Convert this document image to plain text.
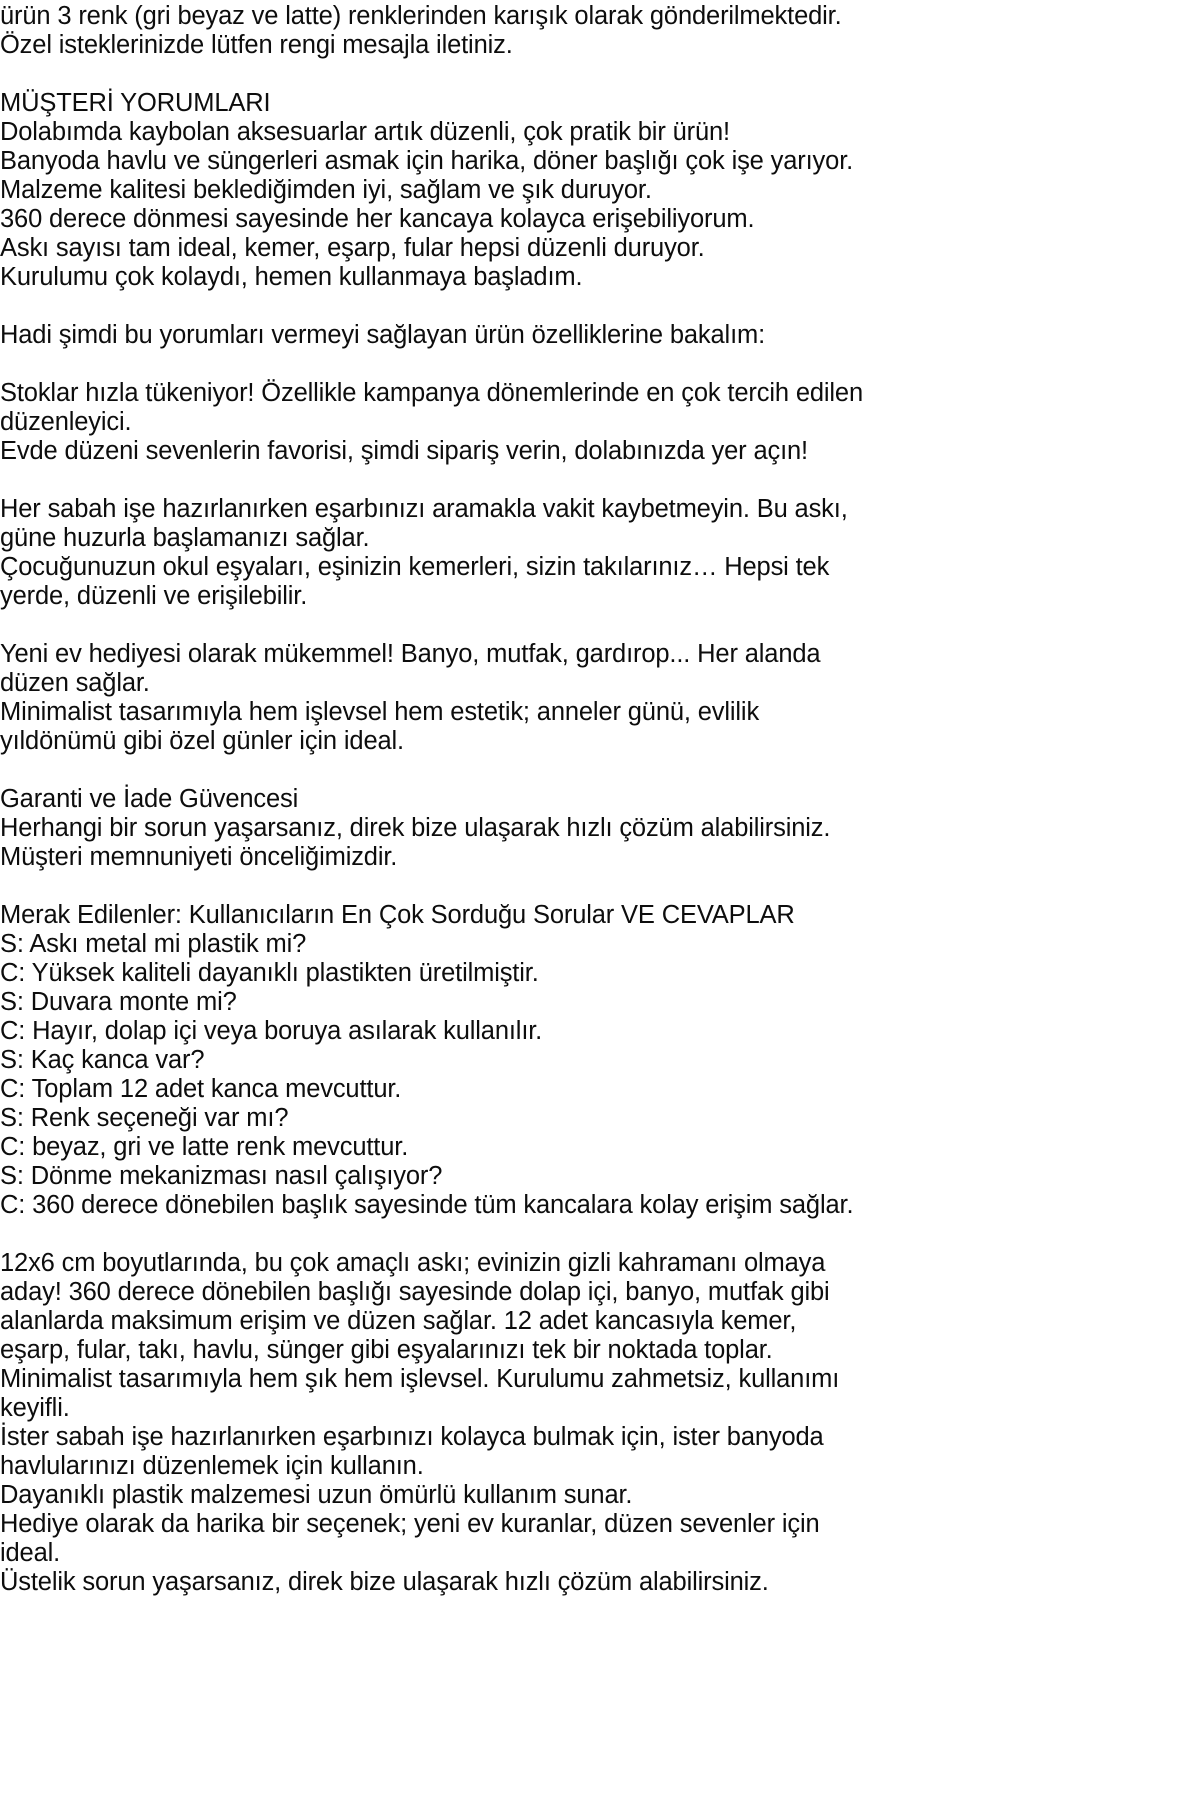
ürün 3 renk (gri beyaz ve latte) renklerinden karışık olarak gönderilmektedir.
Özel isteklerinizde lütfen rengi mesajla iletiniz.
MÜŞTERİ YORUMLARI
Dolabımda kaybolan aksesuarlar artık düzenli, çok pratik bir ürün!
Banyoda havlu ve süngerleri asmak için harika, döner başlığı çok işe yarıyor.
Malzeme kalitesi beklediğimden iyi, sağlam ve şık duruyor.
360 derece dönmesi sayesinde her kancaya kolayca erişebiliyorum.
Askı sayısı tam ideal, kemer, eşarp, fular hepsi düzenli duruyor.
Kurulumu çok kolaydı, hemen kullanmaya başladım.
Hadi şimdi bu yorumları vermeyi sağlayan ürün özelliklerine bakalım:
Stoklar hızla tükeniyor! Özellikle kampanya dönemlerinde en çok tercih edilen
düzenleyici.
Evde düzeni sevenlerin favorisi, şimdi sipariş verin, dolabınızda yer açın!
Her sabah işe hazırlanırken eşarbınızı aramakla vakit kaybetmeyin. Bu askı,
güne huzurla başlamanızı sağlar.
Çocuğunuzun okul eşyaları, eşinizin kemerleri, sizin takılarınız… Hepsi tek
yerde, düzenli ve erişilebilir.
Yeni ev hediyesi olarak mükemmel! Banyo, mutfak, gardırop... Her alanda
düzen sağlar.
Minimalist tasarımıyla hem işlevsel hem estetik; anneler günü, evlilik
yıldönümü gibi özel günler için ideal.
Garanti ve İade Güvencesi
Herhangi bir sorun yaşarsanız, direk bize ulaşarak hızlı çözüm alabilirsiniz.
Müşteri memnuniyeti önceliğimizdir.
Merak Edilenler: Kullanıcıların En Çok Sorduğu Sorular VE CEVAPLAR
S: Askı metal mi plastik mi?
C: Yüksek kaliteli dayanıklı plastikten üretilmiştir.
S: Duvara monte mi?
C: Hayır, dolap içi veya boruya asılarak kullanılır.
S: Kaç kanca var?
C: Toplam 12 adet kanca mevcuttur.
S: Renk seçeneği var mı?
C: beyaz, gri ve latte renk mevcuttur.
S: Dönme mekanizması nasıl çalışıyor?
C: 360 derece dönebilen başlık sayesinde tüm kancalara kolay erişim sağlar.
12x6 cm boyutlarında, bu çok amaçlı askı; evinizin gizli kahramanı olmaya
aday! 360 derece dönebilen başlığı sayesinde dolap içi, banyo, mutfak gibi
alanlarda maksimum erişim ve düzen sağlar. 12 adet kancasıyla kemer,
eşarp, fular, takı, havlu, sünger gibi eşyalarınızı tek bir noktada toplar.
Minimalist tasarımıyla hem şık hem işlevsel. Kurulumu zahmetsiz, kullanımı
keyifli.
İster sabah işe hazırlanırken eşarbınızı kolayca bulmak için, ister banyoda
havlularınızı düzenlemek için kullanın.
Dayanıklı plastik malzemesi uzun ömürlü kullanım sunar.
Hediye olarak da harika bir seçenek; yeni ev kuranlar, düzen sevenler için
ideal.
Üstelik sorun yaşarsanız, direk bize ulaşarak hızlı çözüm alabilirsiniz.
